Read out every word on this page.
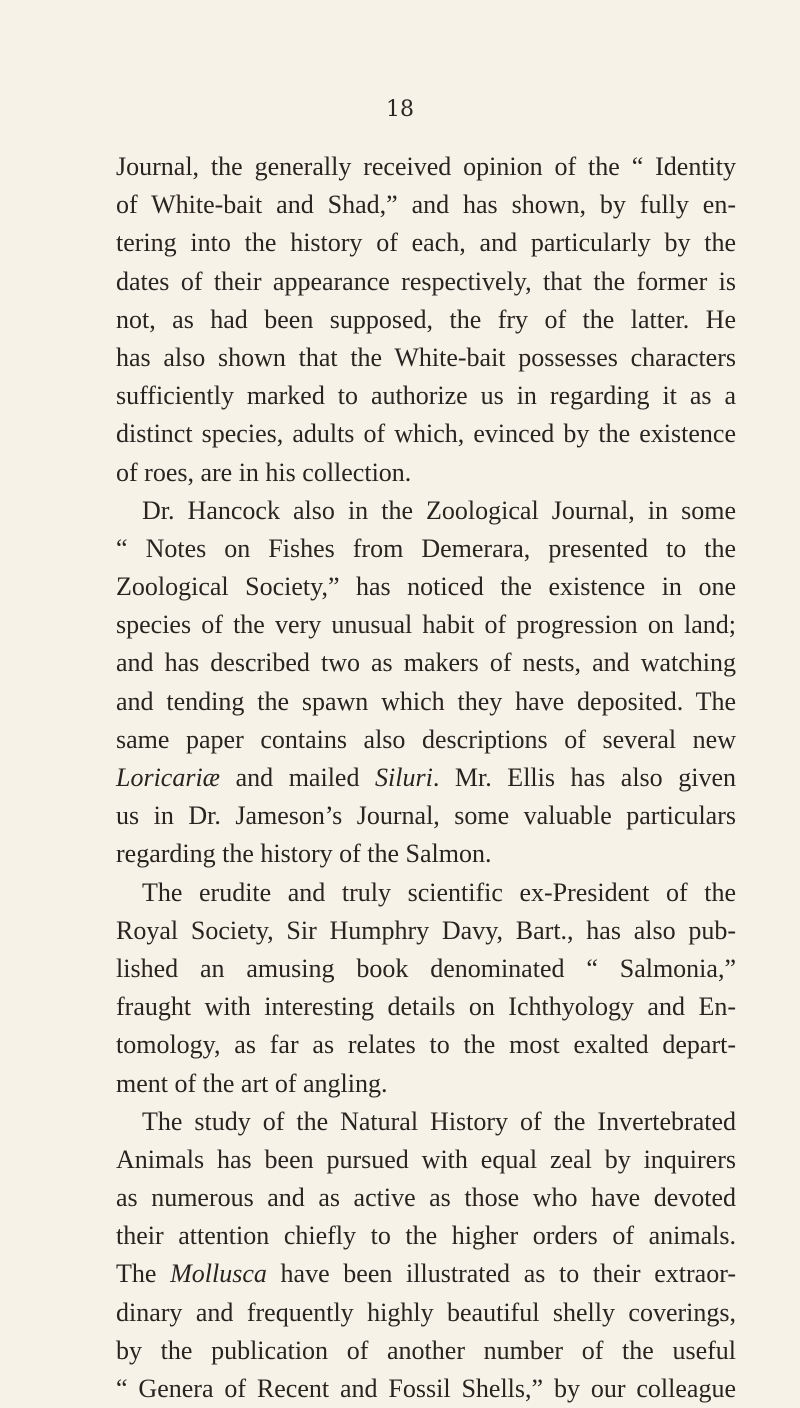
18
Journal, the generally received opinion of the “ Identity
of White-bait and Shad,” and has shown, by fully en-
tering into the history of each, and particularly by the
dates of their appearance respectively, that the former is
not, as had been supposed, the fry of the latter. He
has also shown that the White-bait possesses characters
sufficiently marked to authorize us in regarding it as a
distinct species, adults of which, evinced by the existence
of roes, are in his collection.
Dr. Hancock also in the Zoological Journal, in some
“ Notes on Fishes from Demerara, presented to the
Zoological Society,” has noticed the existence in one
species of the very unusual habit of progression on land;
and has described two as makers of nests, and watching
and tending the spawn which they have deposited. The
same paper contains also descriptions of several new
Loricariæ and mailed Siluri. Mr. Ellis has also given
us in Dr. Jameson’s Journal, some valuable particulars
regarding the history of the Salmon.
The erudite and truly scientific ex-President of the
Royal Society, Sir Humphry Davy, Bart., has also pub-
lished an amusing book denominated “ Salmonia,”
fraught with interesting details on Ichthyology and En-
tomology, as far as relates to the most exalted depart-
ment of the art of angling.
The study of the Natural History of the Invertebrated
Animals has been pursued with equal zeal by inquirers
as numerous and as active as those who have devoted
their attention chiefly to the higher orders of animals.
The Mollusca have been illustrated as to their extraor-
dinary and frequently highly beautiful shelly coverings,
by the publication of another number of the useful
“ Genera of Recent and Fossil Shells,” by our colleague
